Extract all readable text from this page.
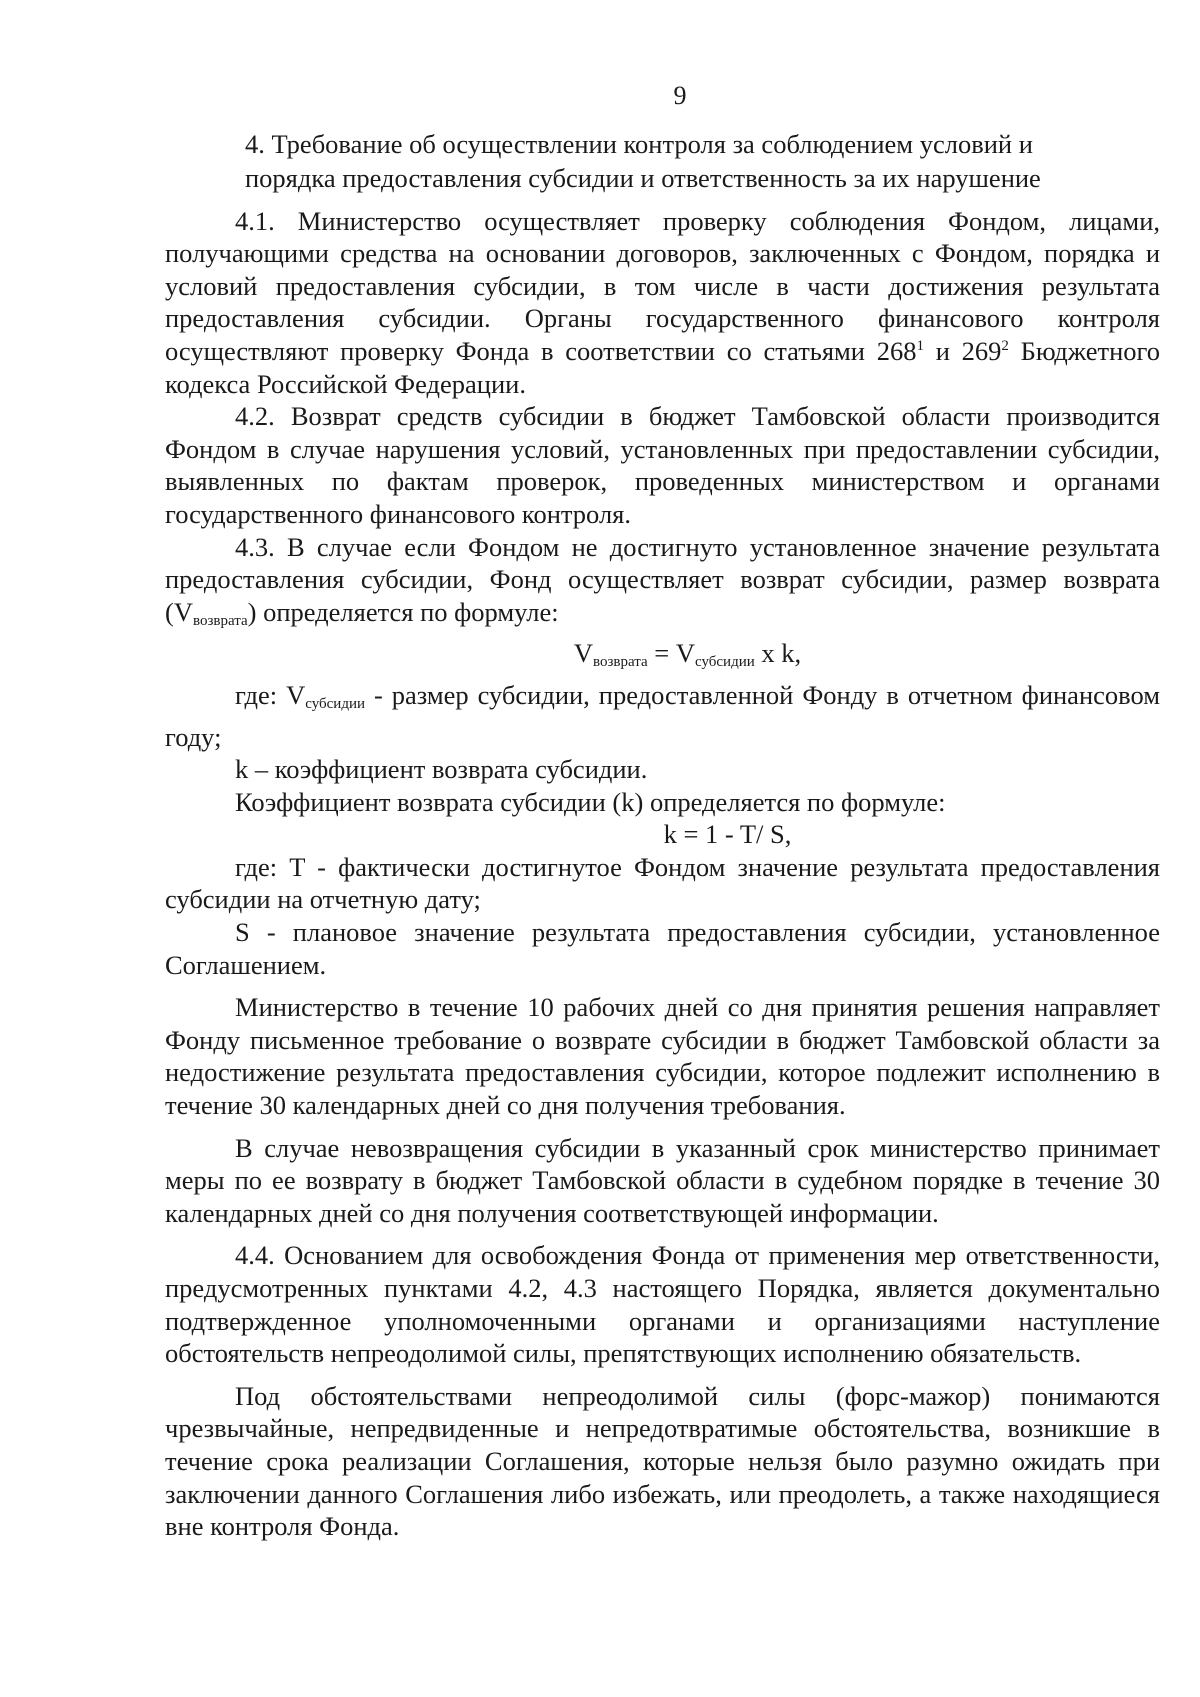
9
4. Требование об осуществлении контроля за соблюдением условий и
порядка предоставления субсидии и ответственность за их нарушение

4.1. Министерство осуществляет проверку соблюдения Фондом, лицами, получающими средства на основании договоров, заключенных с Фондом, порядка и условий предоставления субсидии, в том числе в части достижения результата предоставления субсидии. Органы государственного финансового контроля осуществляют проверку Фонда в соответствии со статьями $268^1$ и $269^2$ Бюджетного кодекса Российской Федерации.

4.2. Возврат средств субсидии в бюджет Тамбовской области производится Фондом в случае нарушения условий, установленных при предоставлении субсидии, выявленных по фактам проверок, проведенных министерством и органами государственного финансового контроля.

4.3. В случае если Фондом не достигнуто установленное значение результата предоставления субсидии, Фонд осуществляет возврат субсидии, размер возврата $(V_{возврата})$ определяется по формуле:

$V_{возврата} = V_{субсидии}$ x k,

где: $V_{субсидии}$ - размер субсидии, предоставленной Фонду в отчетном финансовом году;

k – коэффициент возврата субсидии.

Коэффициент возврата субсидии (k) определяется по формуле:

k = 1 - T/ S,

где: T - фактически достигнутое Фондом значение результата предоставления субсидии на отчетную дату;

S - плановое значение результата предоставления субсидии, установленное Соглашением.

Министерство в течение 10 рабочих дней со дня принятия решения направляет Фонду письменное требование о возврате субсидии в бюджет Тамбовской области за недостижение результата предоставления субсидии, которое подлежит исполнению в течение 30 календарных дней со дня получения требования.

В случае невозвращения субсидии в указанный срок министерство принимает меры по ее возврату в бюджет Тамбовской области в судебном порядке в течение 30 календарных дней со дня получения соответствующей информации.

4.4. Основанием для освобождения Фонда от применения мер ответственности, предусмотренных пунктами 4.2, 4.3 настоящего Порядка, является документально подтвержденное уполномоченными органами и организациями наступление обстоятельств непреодолимой силы, препятствующих исполнению обязательств.

Под обстоятельствами непреодолимой силы (форс-мажор) понимаются чрезвычайные, непредвиденные и непредотвратимые обстоятельства, возникшие в течение срока реализации Соглашения, которые нельзя было разумно ожидать при заключении данного Соглашения либо избежать, или преодолеть, а также находящиеся вне контроля Фонда.
